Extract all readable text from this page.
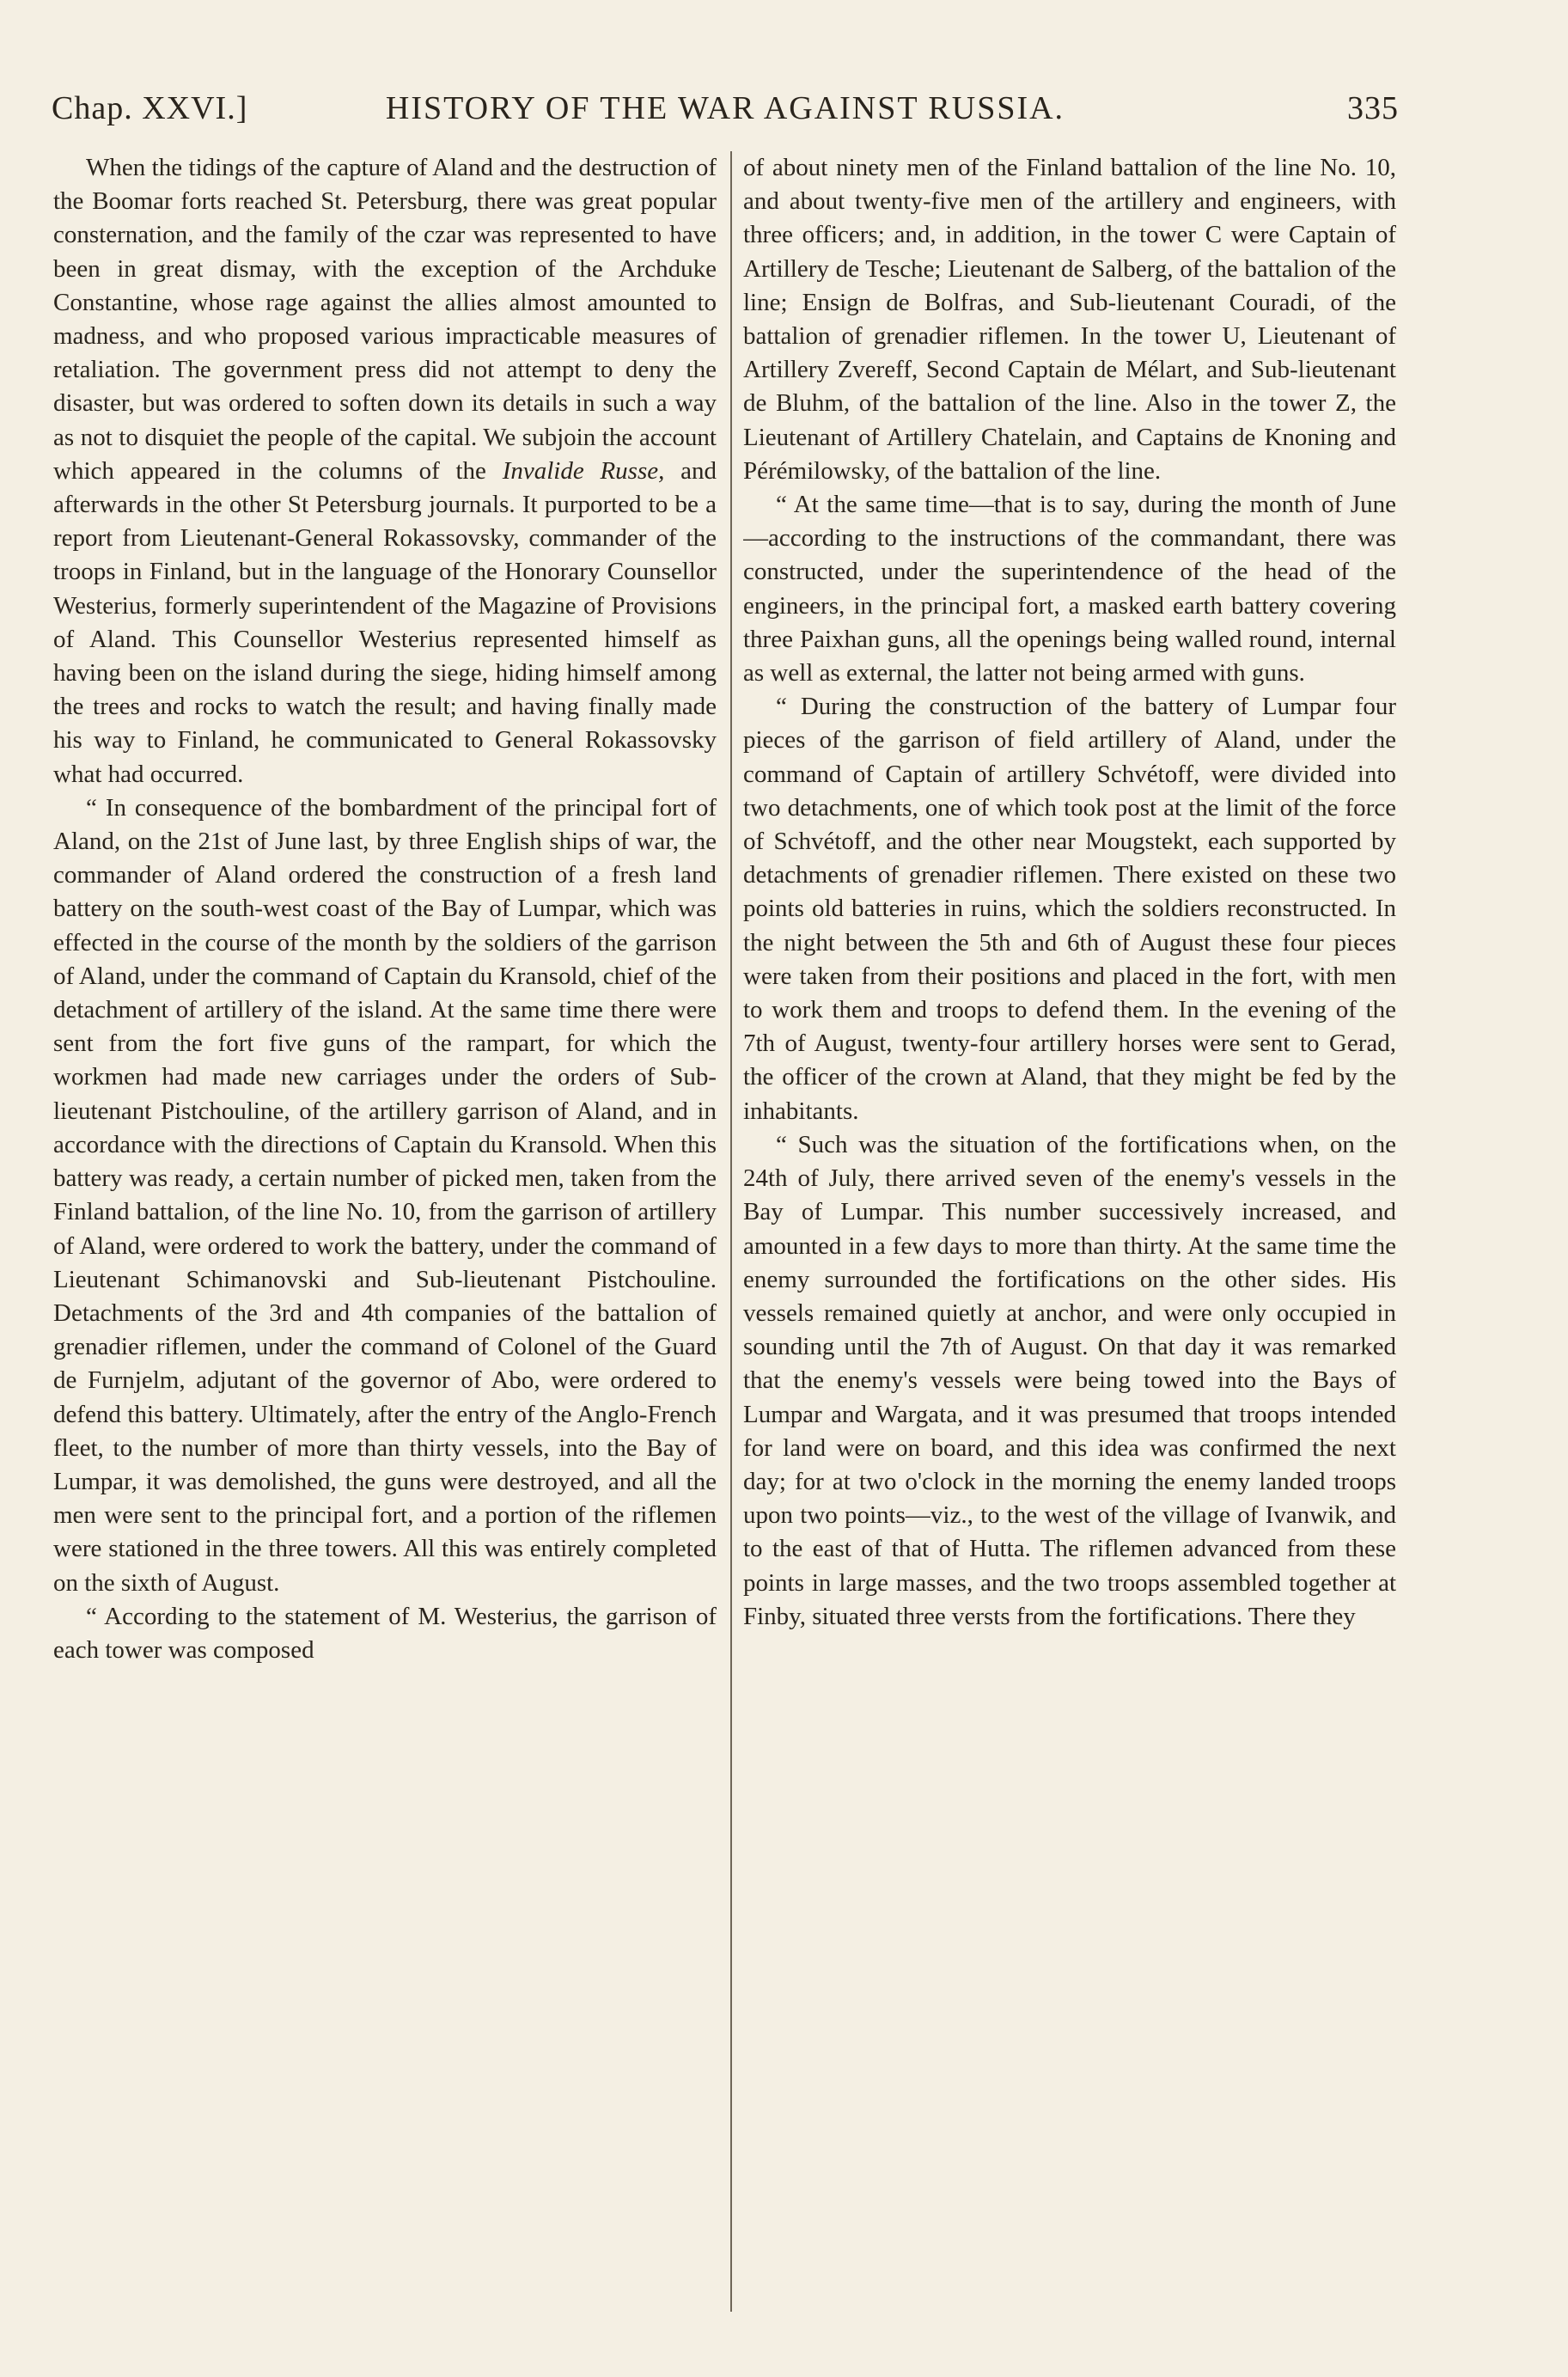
Chap. XXVI.]	HISTORY OF THE WAR AGAINST RUSSIA.	335

When the tidings of the capture of Aland and the destruction of the Boomar forts reached St. Petersburg, there was great popular consternation, and the family of the czar was represented to have been in great dismay, with the exception of the Archduke Constantine, whose rage against the allies almost amounted to madness, and who proposed various impracticable measures of retaliation. The government press did not attempt to deny the disaster, but was ordered to soften down its details in such a way as not to disquiet the people of the capital. We subjoin the account which appeared in the columns of the Invalide Russe, and afterwards in the other St Petersburg journals. It purported to be a report from Lieutenant-General Rokassovsky, commander of the troops in Finland, but in the language of the Honorary Counsellor Westerius, formerly superintendent of the Magazine of Provisions of Aland. This Counsellor Westerius represented himself as having been on the island during the siege, hiding himself among the trees and rocks to watch the result; and having finally made his way to Finland, he communicated to General Rokassovsky what had occurred.

“ In consequence of the bombardment of the principal fort of Aland, on the 21st of June last, by three English ships of war, the commander of Aland ordered the construction of a fresh land battery on the south-west coast of the Bay of Lumpar, which was effected in the course of the month by the soldiers of the garrison of Aland, under the command of Captain du Kransold, chief of the detachment of artillery of the island. At the same time there were sent from the fort five guns of the rampart, for which the workmen had made new carriages under the orders of Sub-lieutenant Pistchouline, of the artillery garrison of Aland, and in accordance with the directions of Captain du Kransold. When this battery was ready, a certain number of picked men, taken from the Finland battalion, of the line No. 10, from the garrison of artillery of Aland, were ordered to work the battery, under the command of Lieutenant Schimanovski and Sub-lieutenant Pistchouline. Detachments of the 3rd and 4th companies of the battalion of grenadier riflemen, under the command of Colonel of the Guard de Furnjelm, adjutant of the governor of Abo, were ordered to defend this battery. Ultimately, after the entry of the Anglo-French fleet, to the number of more than thirty vessels, into the Bay of Lumpar, it was demolished, the guns were destroyed, and all the men were sent to the principal fort, and a portion of the riflemen were stationed in the three towers. All this was entirely completed on the sixth of August.

“ According to the statement of M. Westerius, the garrison of each tower was composed

of about ninety men of the Finland battalion of the line No. 10, and about twenty-five men of the artillery and engineers, with three officers; and, in addition, in the tower C were Captain of Artillery de Tesche; Lieutenant de Salberg, of the battalion of the line; Ensign de Bolfras, and Sub-lieutenant Couradi, of the battalion of grenadier riflemen. In the tower U, Lieutenant of Artillery Zvereff, Second Captain de Mélart, and Sub-lieutenant de Bluhm, of the battalion of the line. Also in the tower Z, the Lieutenant of Artillery Chatelain, and Captains de Knoning and Pérémilowsky, of the battalion of the line.

“ At the same time—that is to say, during the month of June—according to the instructions of the commandant, there was constructed, under the superintendence of the head of the engineers, in the principal fort, a masked earth battery covering three Paixhan guns, all the openings being walled round, internal as well as external, the latter not being armed with guns.

“ During the construction of the battery of Lumpar four pieces of the garrison of field artillery of Aland, under the command of Captain of artillery Schvétoff, were divided into two detachments, one of which took post at the limit of the force of Schvétoff, and the other near Mougstekt, each supported by detachments of grenadier riflemen. There existed on these two points old batteries in ruins, which the soldiers reconstructed. In the night between the 5th and 6th of August these four pieces were taken from their positions and placed in the fort, with men to work them and troops to defend them. In the evening of the 7th of August, twenty-four artillery horses were sent to Gerad, the officer of the crown at Aland, that they might be fed by the inhabitants.

“ Such was the situation of the fortifications when, on the 24th of July, there arrived seven of the enemy's vessels in the Bay of Lumpar. This number successively increased, and amounted in a few days to more than thirty. At the same time the enemy surrounded the fortifications on the other sides. His vessels remained quietly at anchor, and were only occupied in sounding until the 7th of August. On that day it was remarked that the enemy's vessels were being towed into the Bays of Lumpar and Wargata, and it was presumed that troops intended for land were on board, and this idea was confirmed the next day; for at two o'clock in the morning the enemy landed troops upon two points—viz., to the west of the village of Ivanwik, and to the east of that of Hutta. The riflemen advanced from these points in large masses, and the two troops assembled together at Finby, situated three versts from the fortifications. There they
